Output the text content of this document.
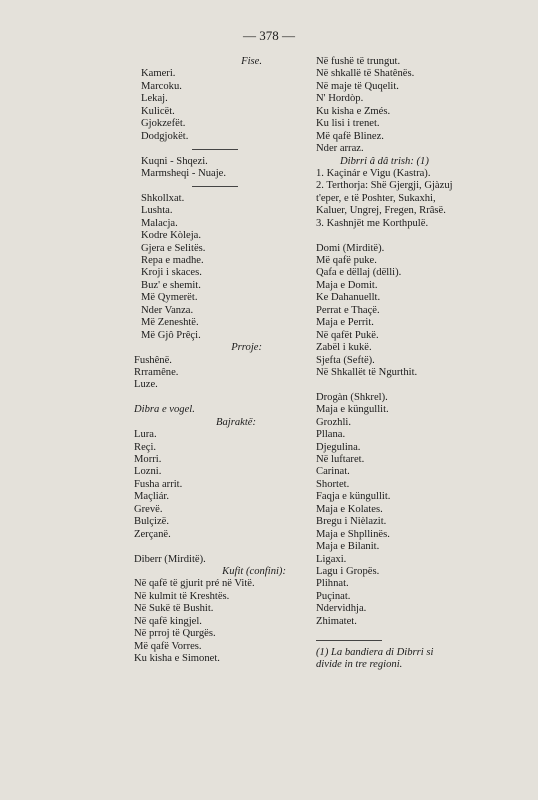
— 378 —
Fise.
Kameri.
Marcoku.
Lekaj.
Kulicët.
Gjokzefët.
Dodgjokët.
Kuqni - Shqezi.
Marmsheqi - Nuaje.
Shkollxat.
Lushta.
Malacja.
Kodre Kòleja.
Gjera e Selitës.
Repa e madhe.
Kroji i skaces.
Buz' e shemit.
Më Qymerët.
Nder Vanza.
Më Zeneshtë.
Më Gjô Prêçi.
Prroje:
Fushênë.
Rrramêne.
Luze.
Dibra e vogel.
Bajraktë:
Lura.
Reçi.
Morri.
Lozni.
Fusha arrit.
Maçliár.
Grevë.
Bulçizë.
Zerçanë.
Diberr (Mirditë).
Kufit (confini):
Në qafë të gjurit pré në Vitë.
Në kulmit të Kreshtës.
Në Sukë të Bushit.
Në qafë kingjel.
Në prroj të Qurgës.
Më qafë Vorres.
Ku kisha e Simonet.
Në fushë të trungut.
Në shkallë të Shatênës.
Në maje të Quqelit.
N' Hordòp.
Ku kisha e Zmés.
Ku lisi i trenet.
Më qafë Blinez.
Nder arraz.
Dibrri â dâ trish: (1)
1. Kaçinár e Vigu (Kastra).
2. Terthorja: Shë Gjergji, Gjàzuj
t'eper, e të Poshter, Sukaxhi,
Kaluer, Ungrej, Fregen, Rrâsë.
3. Kashnjët me Korthpulë.
Domi (Mirditë).
Më qafë puke.
Qafa e dëllaj (dëlli).
Maja e Domit.
Ke Dahanuellt.
Perrat e Thaçë.
Maja e Perrit.
Në qafët Pukë.
Zabël i kukë.
Sjefta (Seftë).
Në Shkallët të Ngurthit.
Drogàn (Shkrel).
Maja e küngullit.
Grozhli.
Pllana.
Djegulina.
Në luftaret.
Carinat.
Shortet.
Faqja e küngullit.
Maja e Kolates.
Bregu i Nièlazit.
Maja e Shpllinës.
Maja e Bilanit.
Ligaxi.
Lagu i Gropës.
Plihnat.
Puçinat.
Ndervidhja.
Zhimatet.
(1) La bandiera di Dibrri si divide in tre regioni.
